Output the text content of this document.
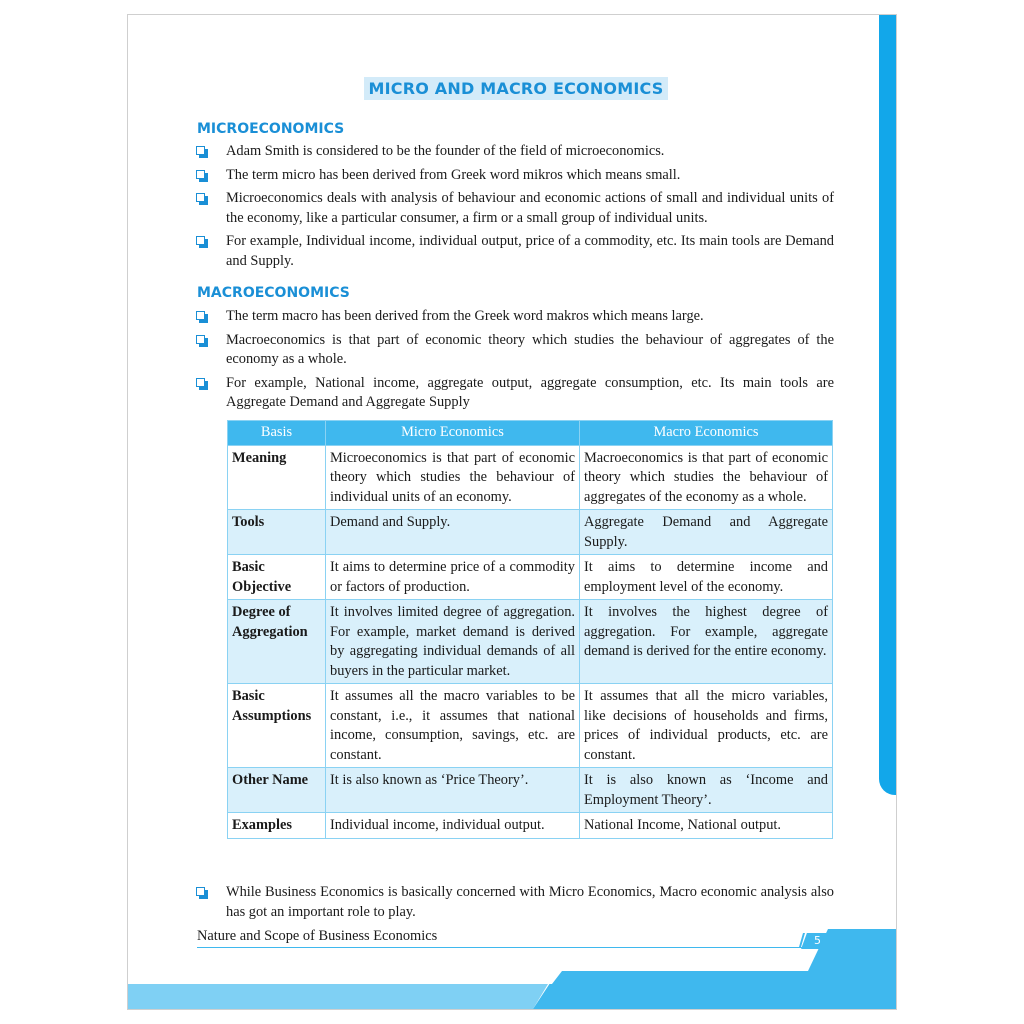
MICRO AND MACRO ECONOMICS
MICROECONOMICS
Adam Smith is considered to be the founder of the field of microeconomics.
The term micro has been derived from Greek word mikros which means small.
Microeconomics deals with analysis of behaviour and economic actions of small and individual units of the economy, like a particular consumer, a firm or a small group of individual units.
For example, Individual income, individual output, price of a commodity, etc. Its main tools are Demand and Supply.
MACROECONOMICS
The term macro has been derived from the Greek word makros which means large.
Macroeconomics is that part of economic theory which studies the behaviour of aggregates of the economy as a whole.
For example, National income, aggregate output, aggregate consumption, etc. Its main tools are Aggregate Demand and Aggregate Supply
Basis	Micro Economics	Macro Economics
Meaning	Microeconomics is that part of economic theory which studies the behaviour of individual units of an economy.	Macroeconomics is that part of economic theory which studies the behaviour of aggregates of the economy as a whole.
Tools	Demand and Supply.	Aggregate Demand and Aggregate Supply.
Basic Objective	It aims to determine price of a commodity or factors of production.	It aims to determine income and employment level of the economy.
Degree of Aggregation	It involves limited degree of aggregation. For example, market demand is derived by aggregating individual demands of all buyers in the particular market.	It involves the highest degree of aggregation. For example, aggregate demand is derived for the entire economy.
Basic Assumptions	It assumes all the macro variables to be constant, i.e., it assumes that national income, consumption, savings, etc. are constant.	It assumes that all the micro variables, like decisions of households and firms, prices of individual products, etc. are constant.
Other Name	It is also known as ‘Price Theory’.	It is also known as ‘Income and Employment Theory’.
Examples	Individual income, individual output.	National Income, National output.
While Business Economics is basically concerned with Micro Economics, Macro economic analysis also has got an important role to play.
Nature and Scope of Business Economics	5
